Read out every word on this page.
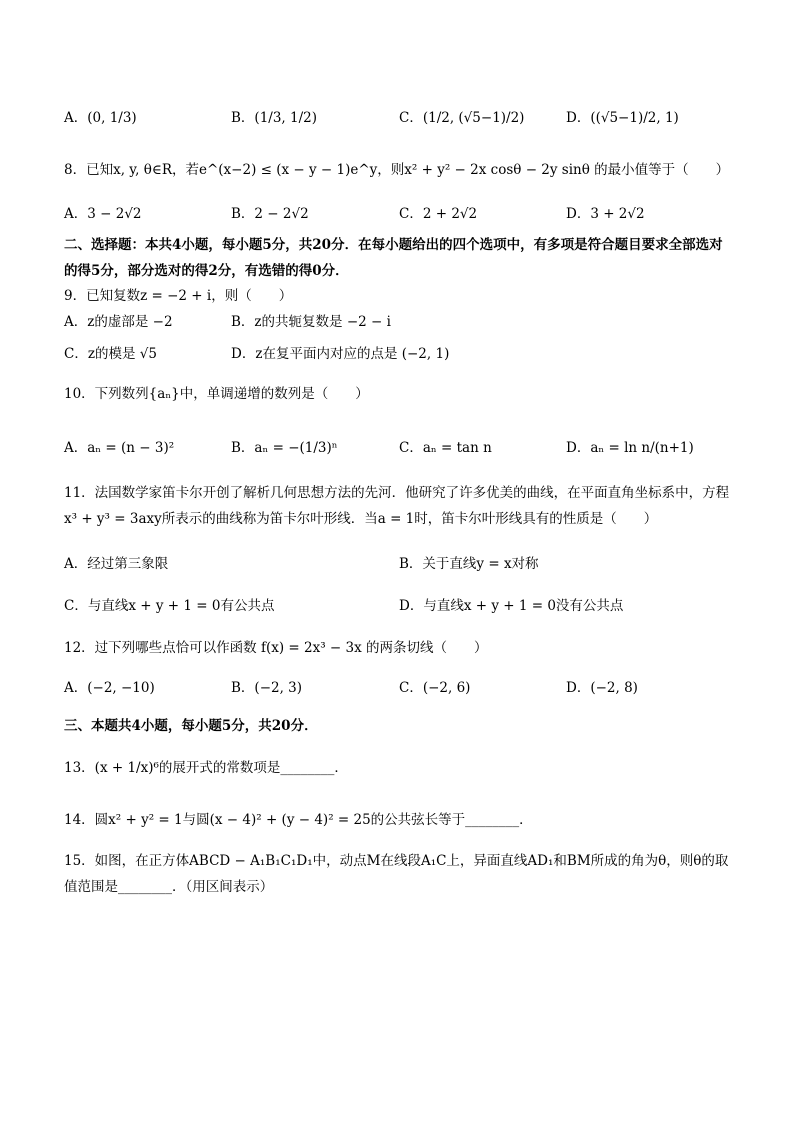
A．(0, 1/3)	B．(1/3, 1/2)	C．(1/2, (√5−1)/2)	D．((√5−1)/2, 1)
8．已知x, y, θ∈R，若e^(x−2) ≤ (x − y − 1)e^y，则x² + y² − 2x cosθ − 2y sinθ 的最小值等于（　　）
A．3 − 2√2	B．2 − 2√2	C．2 + 2√2	D．3 + 2√2
二、选择题：本共4小题，每小题5分，共20分．在每小题给出的四个选项中，有多项是符合题目要求全部选对的得5分，部分选对的得2分，有选错的得0分．
9．已知复数z = −2 + i，则（　　）
A．z的虚部是 −2	B．z的共轭复数是 −2 − i
C．z的模是 √5	D．z在复平面内对应的点是 (−2, 1)
10．下列数列{aₙ}中，单调递增的数列是（　　）
A．aₙ = (n − 3)²	B．aₙ = −(1/3)ⁿ	C．aₙ = tan n	D．aₙ = ln n/(n+1)
11．法国数学家笛卡尔开创了解析几何思想方法的先河．他研究了许多优美的曲线，在平面直角坐标系中，方程x³ + y³ = 3axy所表示的曲线称为笛卡尔叶形线．当a = 1时，笛卡尔叶形线具有的性质是（　　）
A．经过第三象限	B．关于直线y = x对称
C．与直线x + y + 1 = 0有公共点	D．与直线x + y + 1 = 0没有公共点
12．过下列哪些点恰可以作函数 f(x) = 2x³ − 3x 的两条切线（　　）
A．(−2, −10)	B．(−2, 3)	C．(−2, 6)	D．(−2, 8)
三、本题共4小题，每小题5分，共20分．
13．(x + 1/x)⁶的展开式的常数项是________．
14．圆x² + y² = 1与圆(x − 4)² + (y − 4)² = 25的公共弦长等于________．
15．如图，在正方体ABCD − A₁B₁C₁D₁中，动点M在线段A₁C上，异面直线AD₁和BM所成的角为θ，则θ的取值范围是________．（用区间表示）
